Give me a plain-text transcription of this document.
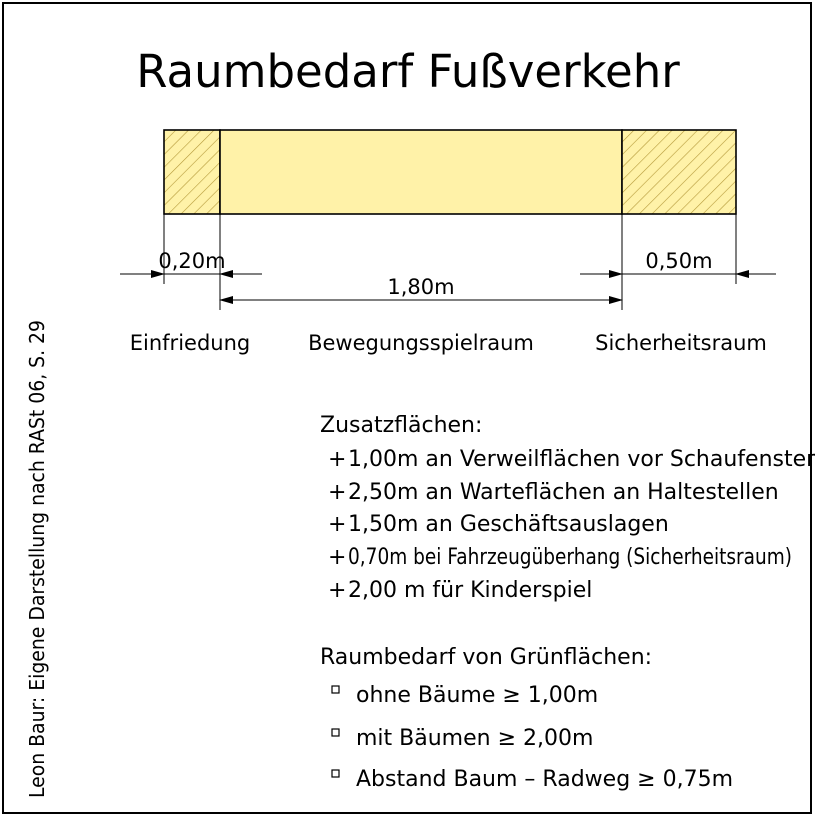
Raumbedarf Fußverkehr
0,20m
1,80m
0,50m
Einfriedung	Bewegungsspielraum	Sicherheitsraum
Zusatzflächen:
+ 1,00m an Verweilflächen vor Schaufenster
+ 2,50m an Warteflächen an Haltestellen
+ 1,50m an Geschäftsauslagen
+ 0,70m bei Fahrzeugüberhang (Sicherheitsraum)
+ 2,00 m für Kinderspiel
Raumbedarf von Grünflächen:
ohne Bäume ≥ 1,00m
mit Bäumen ≥ 2,00m
Abstand Baum – Radweg ≥ 0,75m
Leon Baur: Eigene Darstellung nach RASt 06, S. 29
